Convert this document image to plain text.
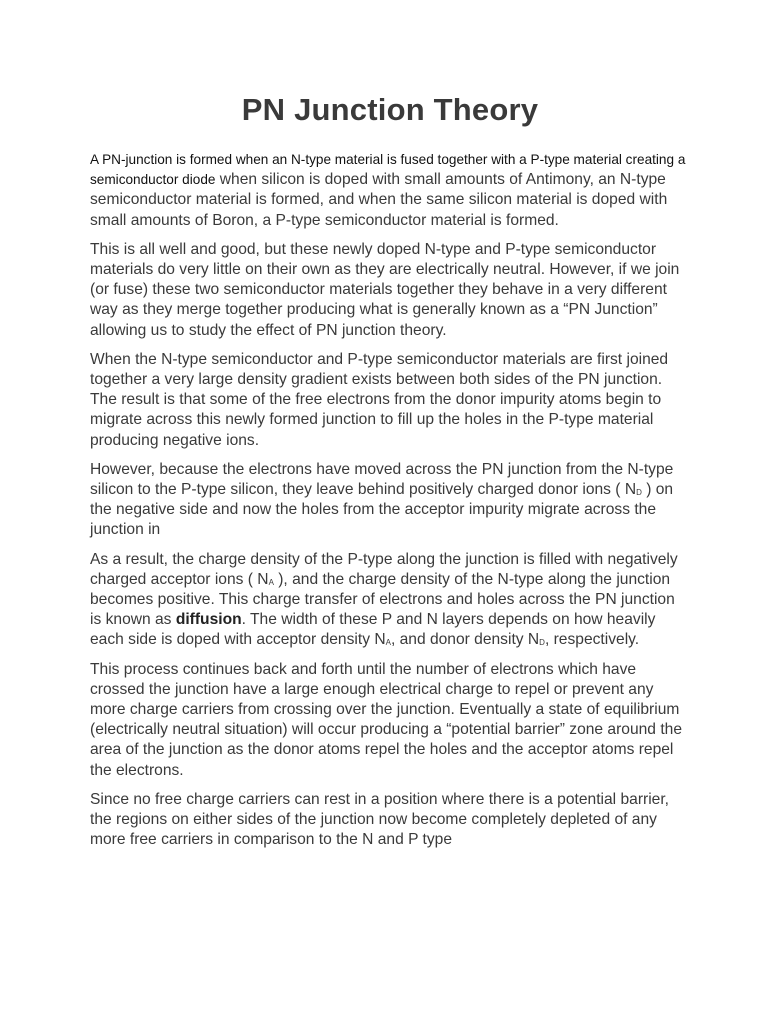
PN Junction Theory

A PN-junction is formed when an N-type material is fused together with a P-type material creating a semiconductor diode when silicon is doped with small amounts of Antimony, an N-type semiconductor material is formed, and when the same silicon material is doped with small amounts of Boron, a P-type semiconductor material is formed.

This is all well and good, but these newly doped N-type and P-type semiconductor materials do very little on their own as they are electrically neutral. However, if we join (or fuse) these two semiconductor materials together they behave in a very different way as they merge together producing what is generally known as a “PN Junction” allowing us to study the effect of PN junction theory.

When the N-type semiconductor and P-type semiconductor materials are first joined together a very large density gradient exists between both sides of the PN junction. The result is that some of the free electrons from the donor impurity atoms begin to migrate across this newly formed junction to fill up the holes in the P-type material producing negative ions.

However, because the electrons have moved across the PN junction from the N-type silicon to the P-type silicon, they leave behind positively charged donor ions ( $N_D$ ) on the negative side and now the holes from the acceptor impurity migrate across the junction in

As a result, the charge density of the P-type along the junction is filled with negatively charged acceptor ions ( $N_A$ ), and the charge density of the N-type along the junction becomes positive. This charge transfer of electrons and holes across the PN junction is known as diffusion. The width of these P and N layers depends on how heavily each side is doped with acceptor density $N_A$, and donor density $N_D$, respectively.

This process continues back and forth until the number of electrons which have crossed the junction have a large enough electrical charge to repel or prevent any more charge carriers from crossing over the junction. Eventually a state of equilibrium (electrically neutral situation) will occur producing a “potential barrier” zone around the area of the junction as the donor atoms repel the holes and the acceptor atoms repel the electrons.

Since no free charge carriers can rest in a position where there is a potential barrier, the regions on either sides of the junction now become completely depleted of any more free carriers in comparison to the N and P type
